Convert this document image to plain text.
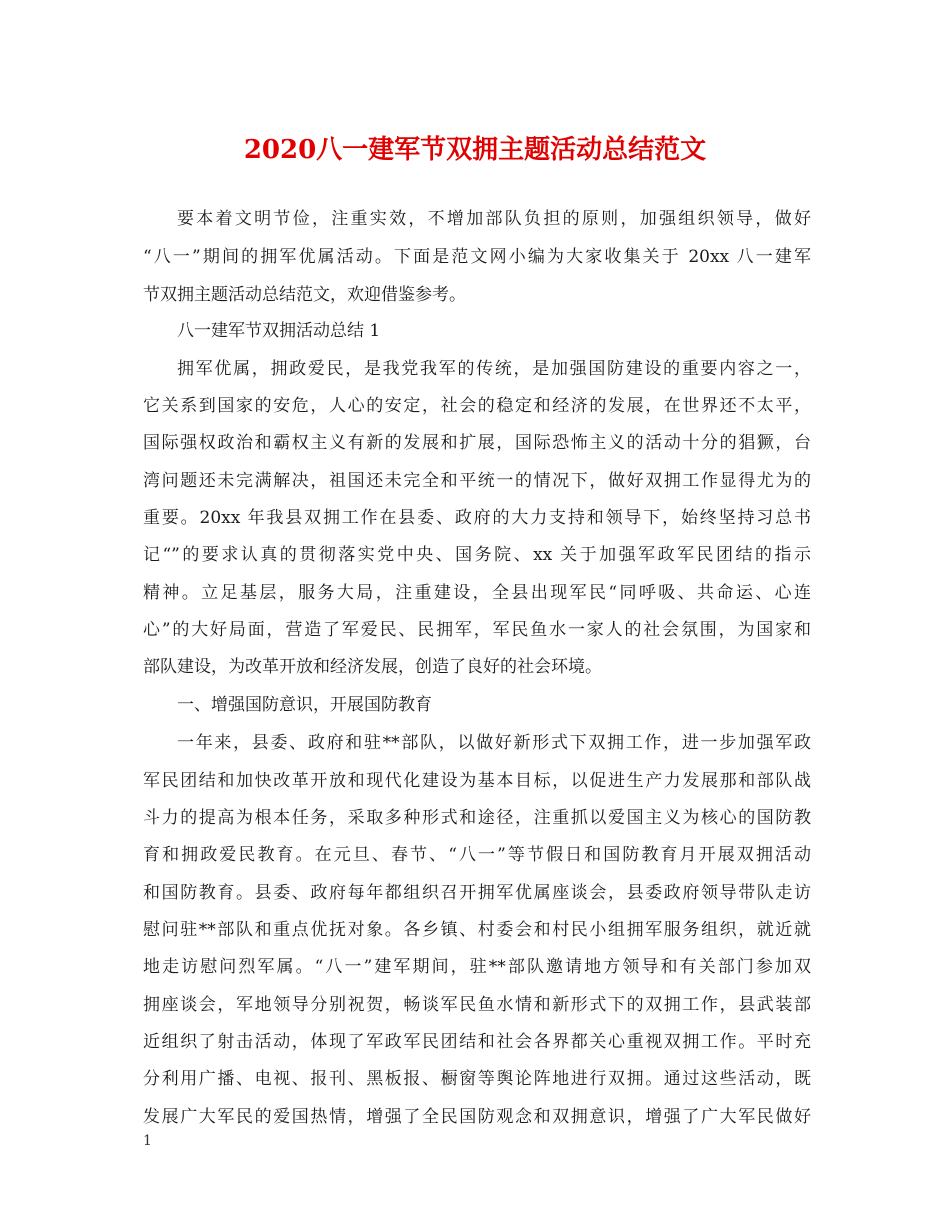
2020八一建军节双拥主题活动总结范文
要本着文明节俭，注重实效，不增加部队负担的原则，加强组织领导，做好
“八一”期间的拥军优属活动。下面是范文网小编为大家收集关于 20xx 八一建军
节双拥主题活动总结范文，欢迎借鉴参考。
八一建军节双拥活动总结 1
拥军优属，拥政爱民，是我党我军的传统，是加强国防建设的重要内容之一，
它关系到国家的安危，人心的安定，社会的稳定和经济的发展，在世界还不太平，
国际强权政治和霸权主义有新的发展和扩展，国际恐怖主义的活动十分的猖獗，台
湾问题还未完满解决，祖国还未完全和平统一的情况下，做好双拥工作显得尤为的
重要。20xx 年我县双拥工作在县委、政府的大力支持和领导下，始终坚持习总书
记“”的要求认真的贯彻落实党中央、国务院、xx 关于加强军政军民团结的指示
精神。立足基层，服务大局，注重建设，全县出现军民“同呼吸、共命运、心连
心”的大好局面，营造了军爱民、民拥军，军民鱼水一家人的社会氛围，为国家和
部队建设，为改革开放和经济发展，创造了良好的社会环境。
一、增强国防意识，开展国防教育
一年来，县委、政府和驻**部队，以做好新形式下双拥工作，进一步加强军政
军民团结和加快改革开放和现代化建设为基本目标，以促进生产力发展那和部队战
斗力的提高为根本任务，采取多种形式和途径，注重抓以爱国主义为核心的国防教
育和拥政爱民教育。在元旦、春节、“八一”等节假日和国防教育月开展双拥活动
和国防教育。县委、政府每年都组织召开拥军优属座谈会，县委政府领导带队走访
慰问驻**部队和重点优抚对象。各乡镇、村委会和村民小组拥军服务组织，就近就
地走访慰问烈军属。“八一”建军期间，驻**部队邀请地方领导和有关部门参加双
拥座谈会，军地领导分别祝贺，畅谈军民鱼水情和新形式下的双拥工作，县武装部
近组织了射击活动，体现了军政军民团结和社会各界都关心重视双拥工作。平时充
分利用广播、电视、报刊、黑板报、橱窗等舆论阵地进行双拥。通过这些活动，既
发展广大军民的爱国热情，增强了全民国防观念和双拥意识，增强了广大军民做好
1
